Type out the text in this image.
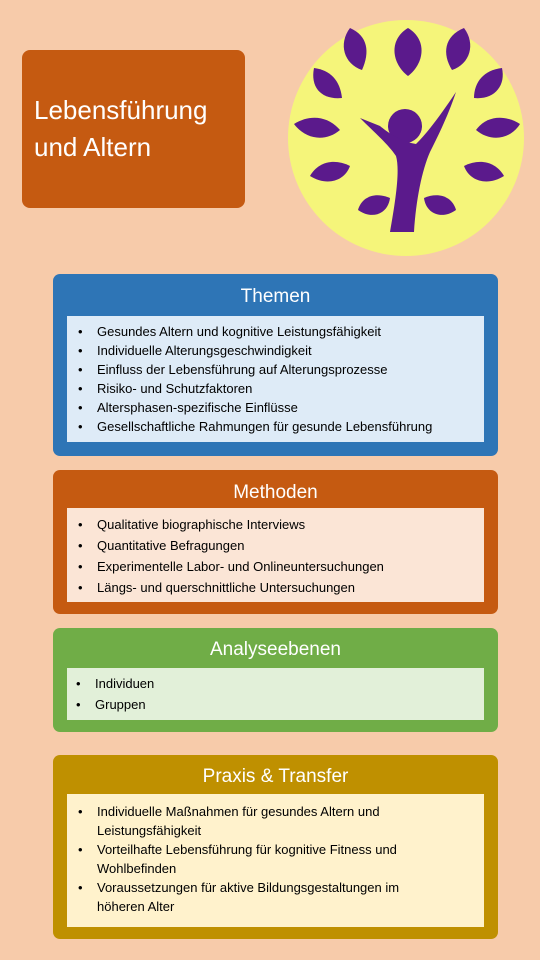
Lebensführung
und Altern
Themen
• Gesundes Altern und kognitive Leistungsfähigkeit
• Individuelle Alterungsgeschwindigkeit
• Einfluss der Lebensführung auf Alterungsprozesse
• Risiko- und Schutzfaktoren
• Altersphasen-spezifische Einflüsse
• Gesellschaftliche Rahmungen für gesunde Lebensführung
Methoden
• Qualitative biographische Interviews
• Quantitative Befragungen
• Experimentelle Labor- und Onlineuntersuchungen
• Längs- und querschnittliche Untersuchungen
Analyseebenen
• Individuen
• Gruppen
Praxis & Transfer
• Individuelle Maßnahmen für gesundes Altern und Leistungsfähigkeit
• Vorteilhafte Lebensführung für kognitive Fitness und Wohlbefinden
• Voraussetzungen für aktive Bildungsgestaltungen im höheren Alter
